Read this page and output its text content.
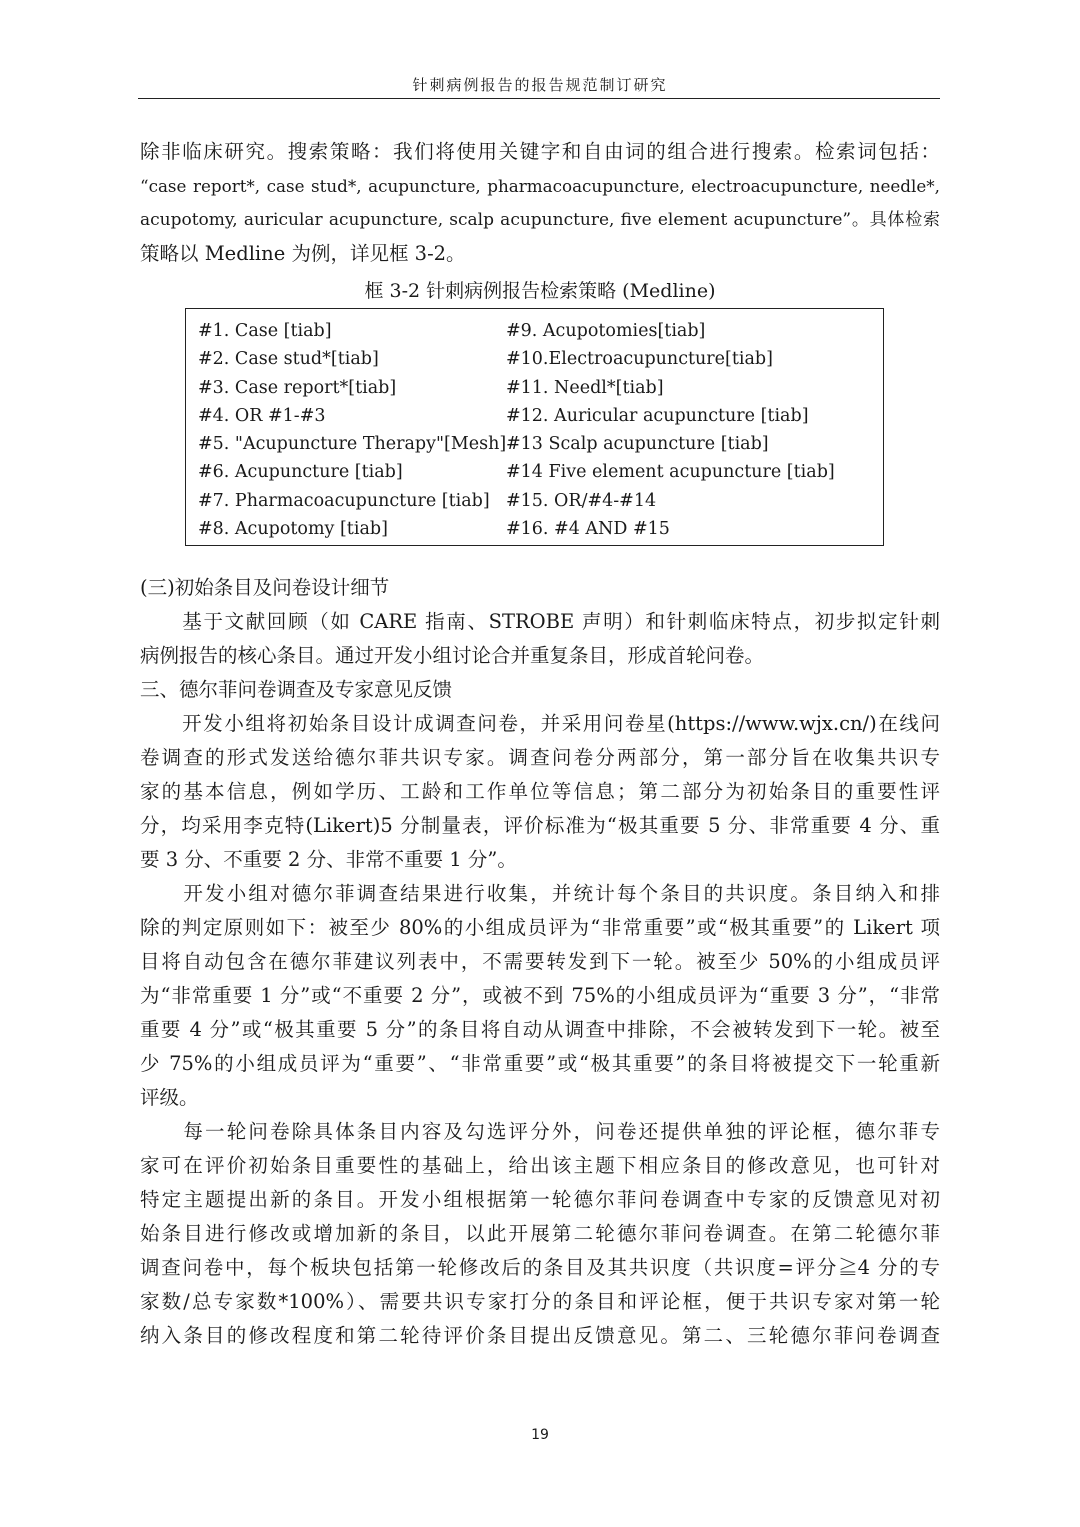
针刺病例报告的报告规范制订研究
除非临床研究。搜索策略：我们将使用关键字和自由词的组合进行搜索。检索词包括：
“case report*, case stud*, acupuncture, pharmacoacupuncture, electroacupuncture, needle*,
acupotomy, auricular acupuncture, scalp acupuncture, five element acupuncture”。具体检索
策略以 Medline 为例，详见框 3-2。
框 3-2 针刺病例报告检索策略 (Medline)
#1. Case [tiab]
#2. Case stud*[tiab]
#3. Case report*[tiab]
#4. OR #1-#3
#5. "Acupuncture Therapy"[Mesh]
#6. Acupuncture [tiab]
#7. Pharmacoacupuncture [tiab]
#8. Acupotomy [tiab]
#9. Acupotomies[tiab]
#10.Electroacupuncture[tiab]
#11. Needl*[tiab]
#12. Auricular acupuncture [tiab]
#13 Scalp acupuncture [tiab]
#14 Five element acupuncture [tiab]
#15. OR/#4-#14
#16. #4 AND #15
(三)初始条目及问卷设计细节
　　基于文献回顾（如 CARE 指南、STROBE 声明）和针刺临床特点，初步拟定针刺
病例报告的核心条目。通过开发小组讨论合并重复条目，形成首轮问卷。
三、德尔菲问卷调查及专家意见反馈
　　开发小组将初始条目设计成调查问卷，并采用问卷星(https://www.wjx.cn/)在线问
卷调查的形式发送给德尔菲共识专家。调查问卷分两部分，第一部分旨在收集共识专
家的基本信息，例如学历、工龄和工作单位等信息；第二部分为初始条目的重要性评
分，均采用李克特(Likert)5 分制量表，评价标准为“极其重要 5 分、非常重要 4 分、重
要 3 分、不重要 2 分、非常不重要 1 分”。
　　开发小组对德尔菲调查结果进行收集，并统计每个条目的共识度。条目纳入和排
除的判定原则如下：被至少 80%的小组成员评为“非常重要”或“极其重要”的 Likert 项
目将自动包含在德尔菲建议列表中，不需要转发到下一轮。被至少 50%的小组成员评
为“非常重要 1 分”或“不重要 2 分”，或被不到 75%的小组成员评为“重要 3 分”，“非常
重要 4 分”或“极其重要 5 分”的条目将自动从调查中排除，不会被转发到下一轮。被至
少 75%的小组成员评为“重要”、“非常重要”或“极其重要”的条目将被提交下一轮重新
评级。
　　每一轮问卷除具体条目内容及勾选评分外，问卷还提供单独的评论框，德尔菲专
家可在评价初始条目重要性的基础上，给出该主题下相应条目的修改意见，也可针对
特定主题提出新的条目。开发小组根据第一轮德尔菲问卷调查中专家的反馈意见对初
始条目进行修改或增加新的条目，以此开展第二轮德尔菲问卷调查。在第二轮德尔菲
调查问卷中，每个板块包括第一轮修改后的条目及其共识度（共识度=评分≧4 分的专
家数/总专家数*100%）、需要共识专家打分的条目和评论框，便于共识专家对第一轮
纳入条目的修改程度和第二轮待评价条目提出反馈意见。第二、三轮德尔菲问卷调查
19
